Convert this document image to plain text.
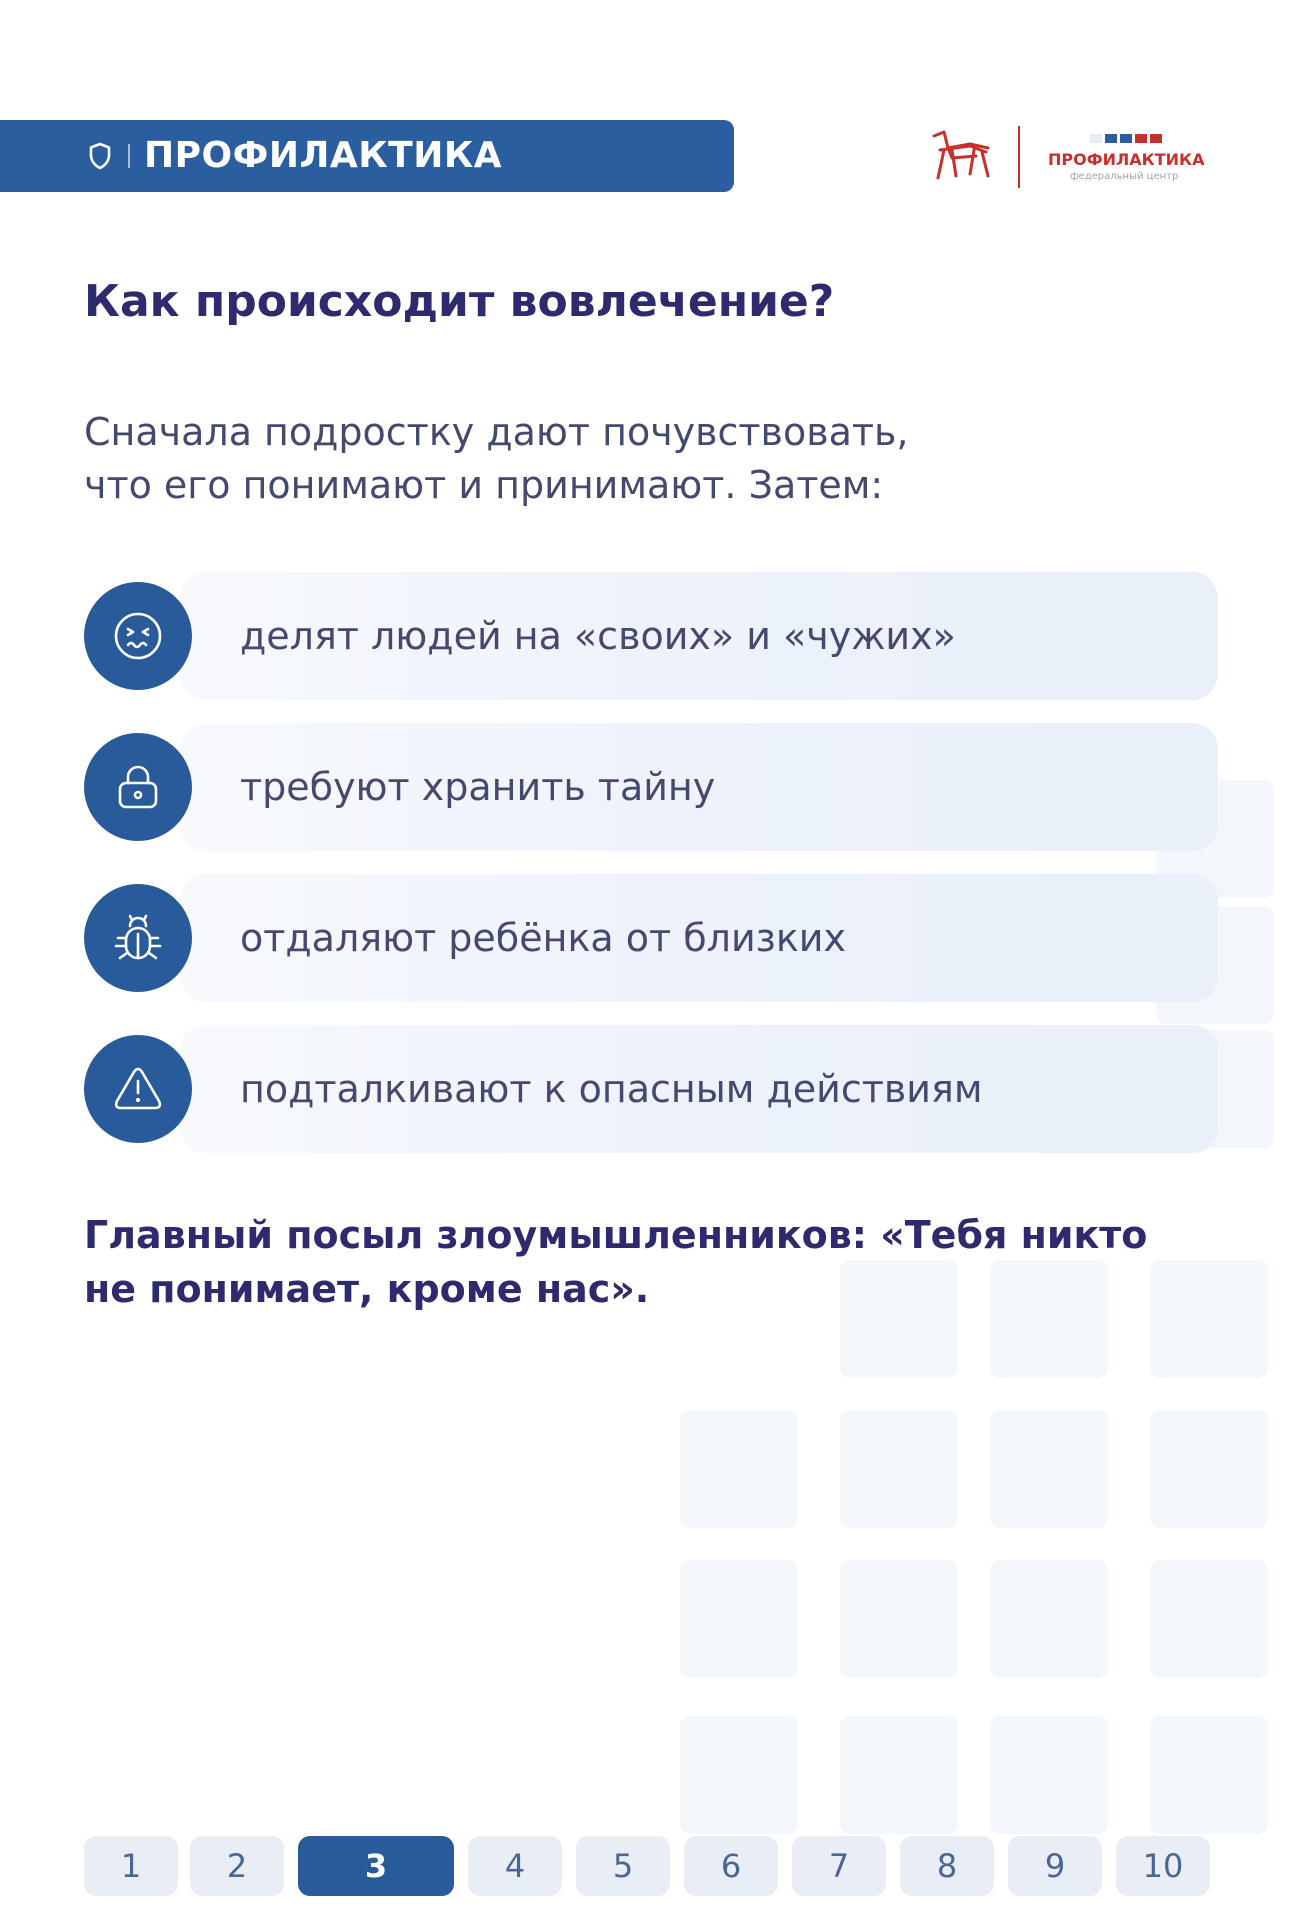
ПРОФИЛАКТИКА	ПРОФИЛАКТИКА
федеральный центр
Как происходит вовлечение?
Сначала подростку дают почувствовать,
что его понимают и принимают. Затем:
делят людей на «своих» и «чужих»
требуют хранить тайну
отдаляют ребёнка от близких
подталкивают к опасным действиям
Главный посыл злоумышленников: «Тебя никто
не понимает, кроме нас».
1	2	3	4	5	6	7	8	9	10
